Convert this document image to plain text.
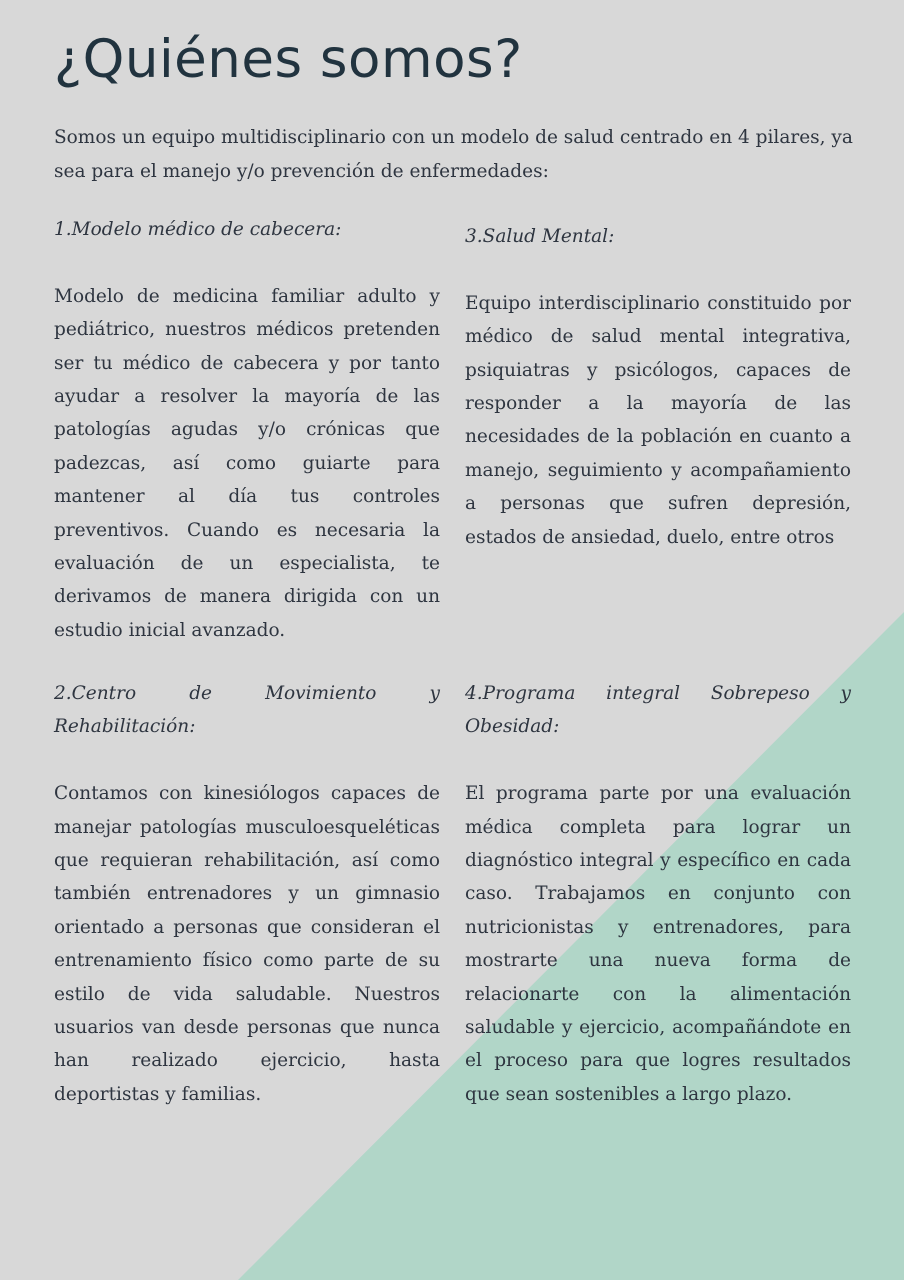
¿Quiénes somos?

Somos un equipo multidisciplinario con un modelo de salud centrado en 4 pilares, ya sea para el manejo y/o prevención de enfermedades:

1.Modelo médico de cabecera:

Modelo de medicina familiar adulto y pediátrico, nuestros médicos pretenden ser tu médico de cabecera y por tanto ayudar a resolver la mayoría de las patologías agudas y/o crónicas que padezcas, así como guiarte para mantener al día tus controles preventivos. Cuando es necesaria la evaluación de un especialista, te derivamos de manera dirigida con un estudio inicial avanzado.

2.Centro de Movimiento y Rehabilitación:

Contamos con kinesiólogos capaces de manejar patologías musculoesqueléticas que requieran rehabilitación, así como también entrenadores y un gimnasio orientado a personas que consideran el entrenamiento físico como parte de su estilo de vida saludable. Nuestros usuarios van desde personas que nunca han realizado ejercicio, hasta deportistas y familias.

3.Salud Mental:

Equipo interdisciplinario constituido por médico de salud mental integrativa, psiquiatras y psicólogos, capaces de responder a la mayoría de las necesidades de la población en cuanto a manejo, seguimiento y acompañamiento a personas que sufren depresión, estados de ansiedad, duelo, entre otros

4.Programa integral Sobrepeso y Obesidad:

El programa parte por una evaluación médica completa para lograr un diagnóstico integral y específico en cada caso. Trabajamos en conjunto con nutricionistas y entrenadores, para mostrarte una nueva forma de relacionarte con la alimentación saludable y ejercicio, acompañándote en el proceso para que logres resultados que sean sostenibles a largo plazo.
